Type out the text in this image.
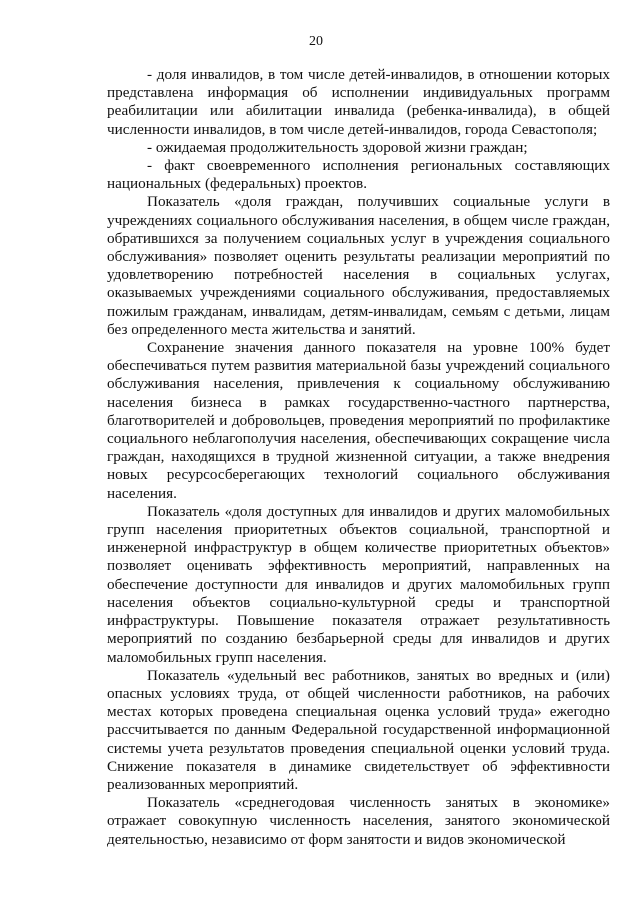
20

- доля инвалидов, в том числе детей-инвалидов, в отношении которых представлена информация об исполнении индивидуальных программ реабилитации или абилитации инвалида (ребенка-инвалида), в общей численности инвалидов, в том числе детей-инвалидов, города Севастополя;

- ожидаемая продолжительность здоровой жизни граждан;

- факт своевременного исполнения региональных составляющих национальных (федеральных) проектов.

Показатель «доля граждан, получивших социальные услуги в учреждениях социального обслуживания населения, в общем числе граждан, обратившихся за получением социальных услуг в учреждения социального обслуживания» позволяет оценить результаты реализации мероприятий по удовлетворению потребностей населения в социальных услугах, оказываемых учреждениями социального обслуживания, предоставляемых пожилым гражданам, инвалидам, детям-инвалидам, семьям с детьми, лицам без определенного места жительства и занятий.

Сохранение значения данного показателя на уровне 100% будет обеспечиваться путем развития материальной базы учреждений социального обслуживания населения, привлечения к социальному обслуживанию населения бизнеса в рамках государственно-частного партнерства, благотворителей и добровольцев, проведения мероприятий по профилактике социального неблагополучия населения, обеспечивающих сокращение числа граждан, находящихся в трудной жизненной ситуации, а также внедрения новых ресурсосберегающих технологий социального обслуживания населения.

Показатель «доля доступных для инвалидов и других маломобильных групп населения приоритетных объектов социальной, транспортной и инженерной инфраструктур в общем количестве приоритетных объектов» позволяет оценивать эффективность мероприятий, направленных на обеспечение доступности для инвалидов и других маломобильных групп населения объектов социально-культурной среды и транспортной инфраструктуры. Повышение показателя отражает результативность мероприятий по созданию безбарьерной среды для инвалидов и других маломобильных групп населения.

Показатель «удельный вес работников, занятых во вредных и (или) опасных условиях труда, от общей численности работников, на рабочих местах которых проведена специальная оценка условий труда» ежегодно рассчитывается по данным Федеральной государственной информационной системы учета результатов проведения специальной оценки условий труда. Снижение показателя в динамике свидетельствует об эффективности реализованных мероприятий.

Показатель «среднегодовая численность занятых в экономике» отражает совокупную численность населения, занятого экономической деятельностью, независимо от форм занятости и видов экономической
